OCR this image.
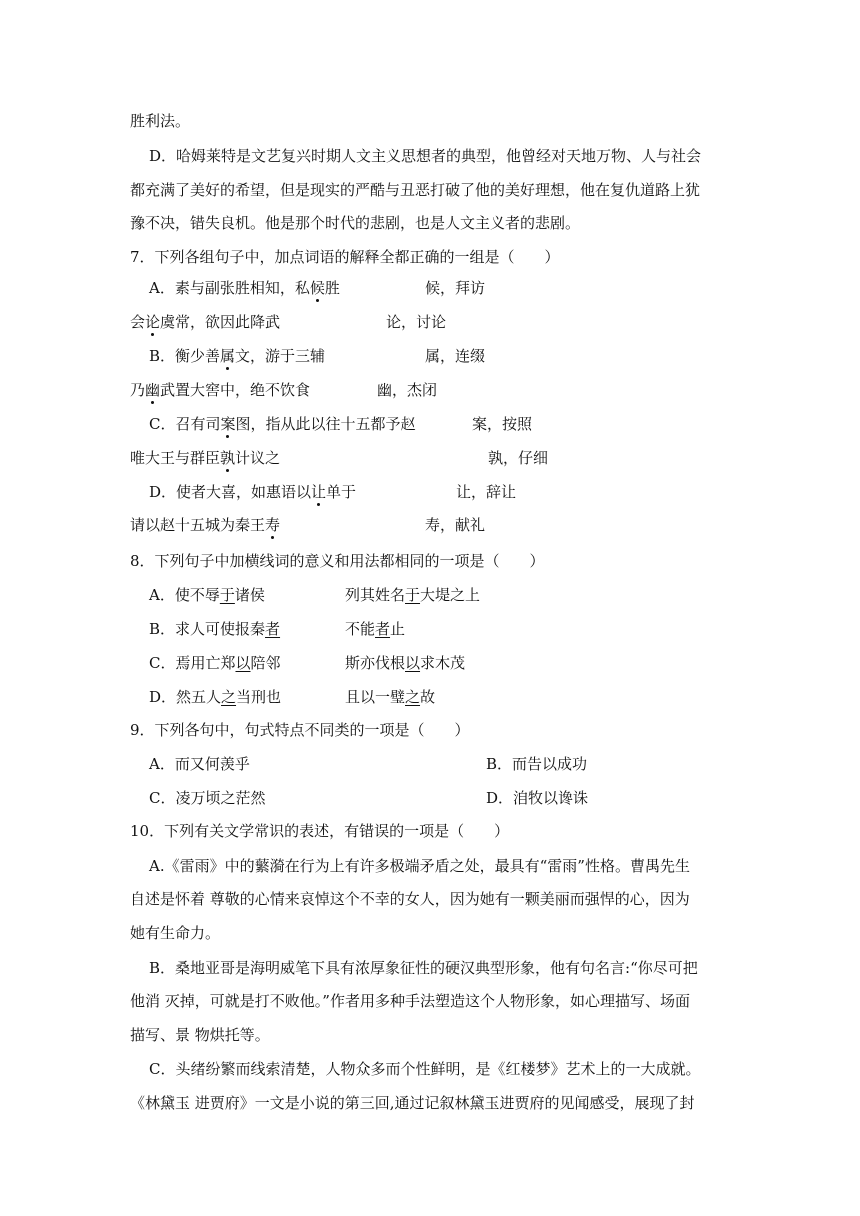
胜利法。
D．哈姆莱特是文艺复兴时期人文主义思想者的典型，他曾经对天地万物、人与社会
都充满了美好的希望，但是现实的严酷与丑恶打破了他的美好理想，他在复仇道路上犹
豫不决，错失良机。他是那个时代的悲剧，也是人文主义者的悲剧。
7．下列各组句子中，加点词语的解释全都正确的一组是（　　）
A．素与副张胜相知，私候胜	候，拜访
会论虞常，欲因此降武	论，讨论
B．衡少善属文，游于三辅	属，连缀
乃幽武置大窖中，绝不饮食	幽，杰闭
C．召有司案图，指从此以往十五都予赵	案，按照
唯大王与群臣孰计议之	孰，仔细
D．使者大喜，如惠语以让单于	让，辞让
请以赵十五城为秦王寿	寿，献礼
8．下列句子中加横线词的意义和用法都相同的一项是（　　）
A．使不辱于诸侯	列其姓名于大堤之上
B．求人可使报秦者	不能者止
C．焉用亡郑以陪邻	斯亦伐根以求木茂
D．然五人之当刑也	且以一璧之故
9．下列各句中，句式特点不同类的一项是（　　）
A．而又何羡乎	B．而告以成功
C．凌万顷之茫然	D．洎牧以谗诛
10．下列有关文学常识的表述，有错误的一项是（　　）
A.《雷雨》中的蘩漪在行为上有许多极端矛盾之处，最具有“雷雨”性格。曹禺先生
自述是怀着 尊敬的心情来哀悼这个不幸的女人，因为她有一颗美丽而强悍的心，因为
她有生命力。
B．桑地亚哥是海明威笔下具有浓厚象征性的硬汉典型形象，他有句名言:“你尽可把
他消 灭掉，可就是打不败他。”作者用多种手法塑造这个人物形象，如心理描写、场面
描写、景 物烘托等。
C．头绪纷繁而线索清楚，人物众多而个性鲜明，是《红楼梦》艺术上的一大成就。
《林黛玉 进贾府》一文是小说的第三回,通过记叙林黛玉进贾府的见闻感受，展现了封
